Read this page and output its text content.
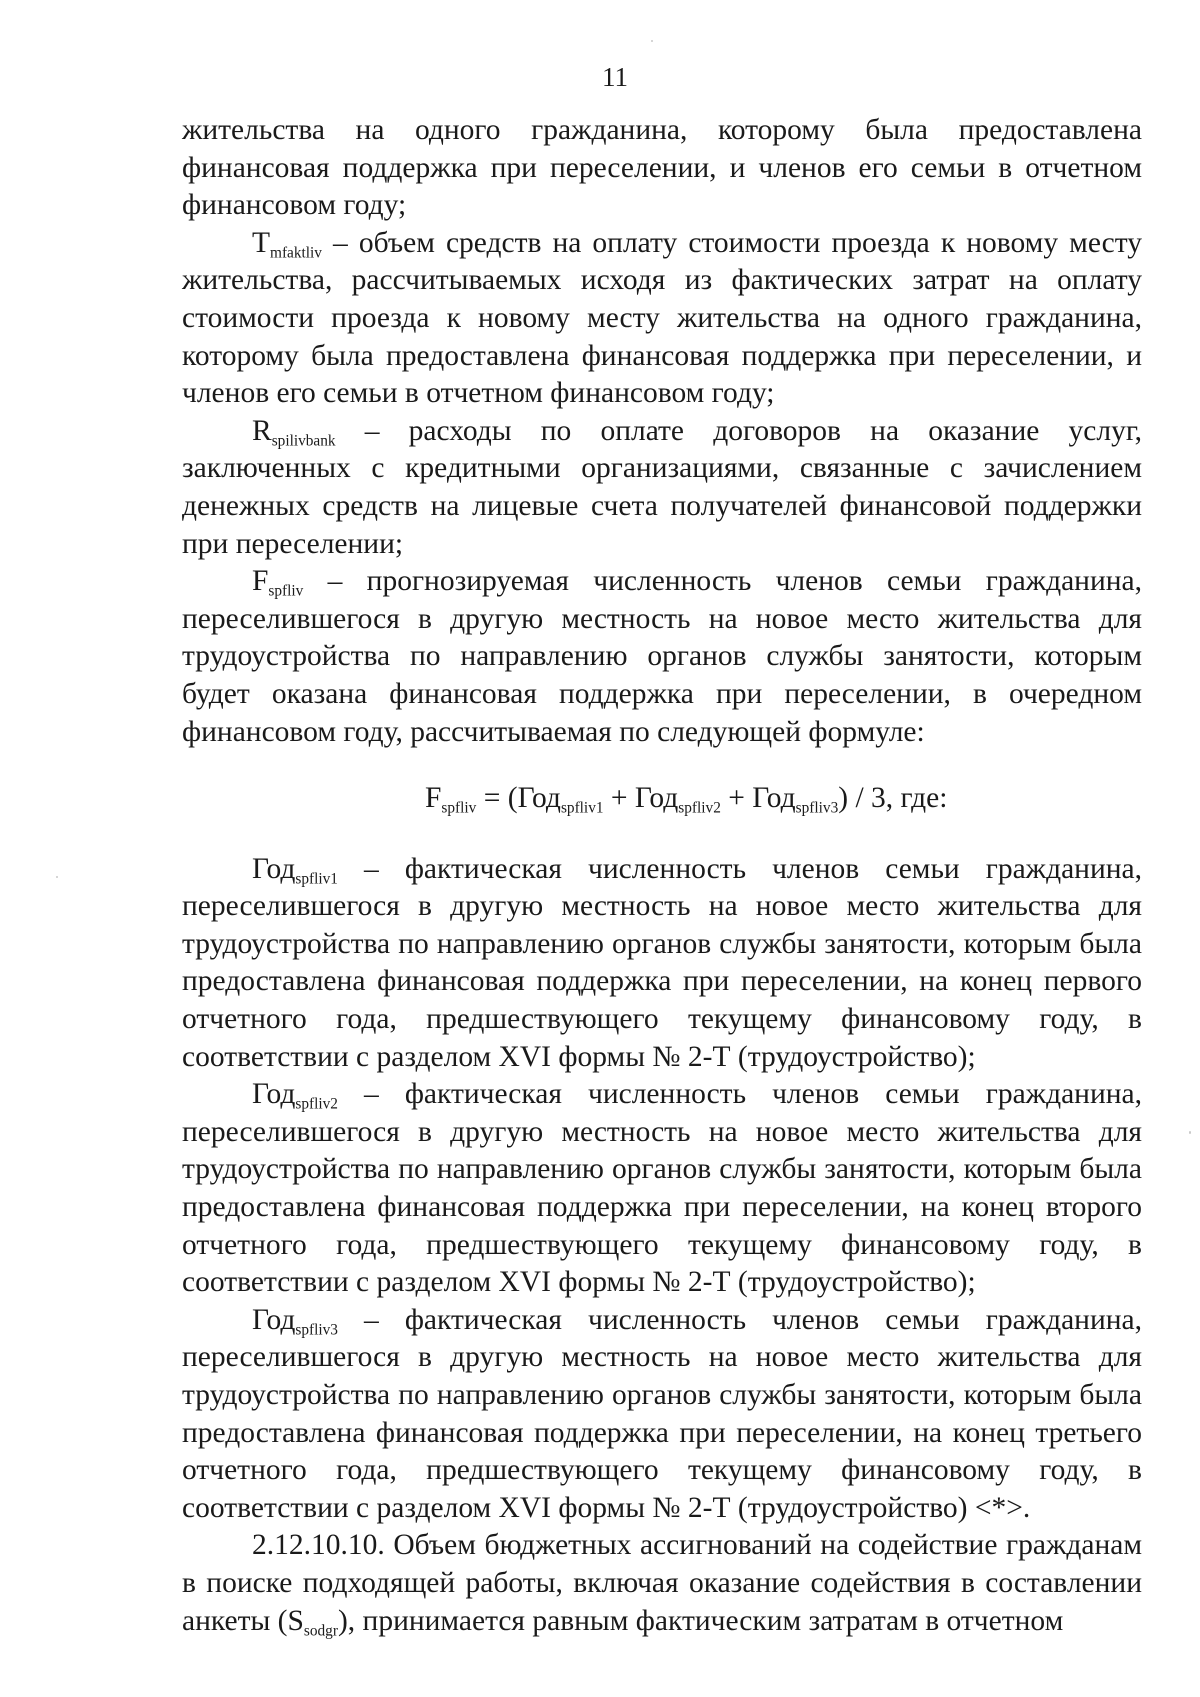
11

жительства на одного гражданина, которому была предоставлена финансовая поддержка при переселении, и членов его семьи в отчетном финансовом году;

$T_{mfaktliv}$ – объем средств на оплату стоимости проезда к новому месту жительства, рассчитываемых исходя из фактических затрат на оплату стоимости проезда к новому месту жительства на одного гражданина, которому была предоставлена финансовая поддержка при переселении, и членов его семьи в отчетном финансовом году;

$R_{spilivbank}$ – расходы по оплате договоров на оказание услуг, заключенных с кредитными организациями, связанные с зачислением денежных средств на лицевые счета получателей финансовой поддержки при переселении;

$F_{spfliv}$ – прогнозируемая численность членов семьи гражданина, переселившегося в другую местность на новое место жительства для трудоустройства по направлению органов службы занятости, которым будет оказана финансовая поддержка при переселении, в очередном финансовом году, рассчитываемая по следующей формуле:

$F_{spfliv} = (Год_{spfliv1} + Год_{spfliv2} + Год_{spfliv3}) / 3$, где:

Год$_{spfliv1}$ – фактическая численность членов семьи гражданина, переселившегося в другую местность на новое место жительства для трудоустройства по направлению органов службы занятости, которым была предоставлена финансовая поддержка при переселении, на конец первого отчетного года, предшествующего текущему финансовому году, в соответствии с разделом XVI формы № 2-Т (трудоустройство);

Год$_{spfliv2}$ – фактическая численность членов семьи гражданина, переселившегося в другую местность на новое место жительства для трудоустройства по направлению органов службы занятости, которым была предоставлена финансовая поддержка при переселении, на конец второго отчетного года, предшествующего текущему финансовому году, в соответствии с разделом XVI формы № 2-Т (трудоустройство);

Год$_{spfliv3}$ – фактическая численность членов семьи гражданина, переселившегося в другую местность на новое место жительства для трудоустройства по направлению органов службы занятости, которым была предоставлена финансовая поддержка при переселении, на конец третьего отчетного года, предшествующего текущему финансовому году, в соответствии с разделом XVI формы № 2-Т (трудоустройство) <*>.

2.12.10.10. Объем бюджетных ассигнований на содействие гражданам в поиске подходящей работы, включая оказание содействия в составлении анкеты $(S_{sodgr})$, принимается равным фактическим затратам в отчетном
